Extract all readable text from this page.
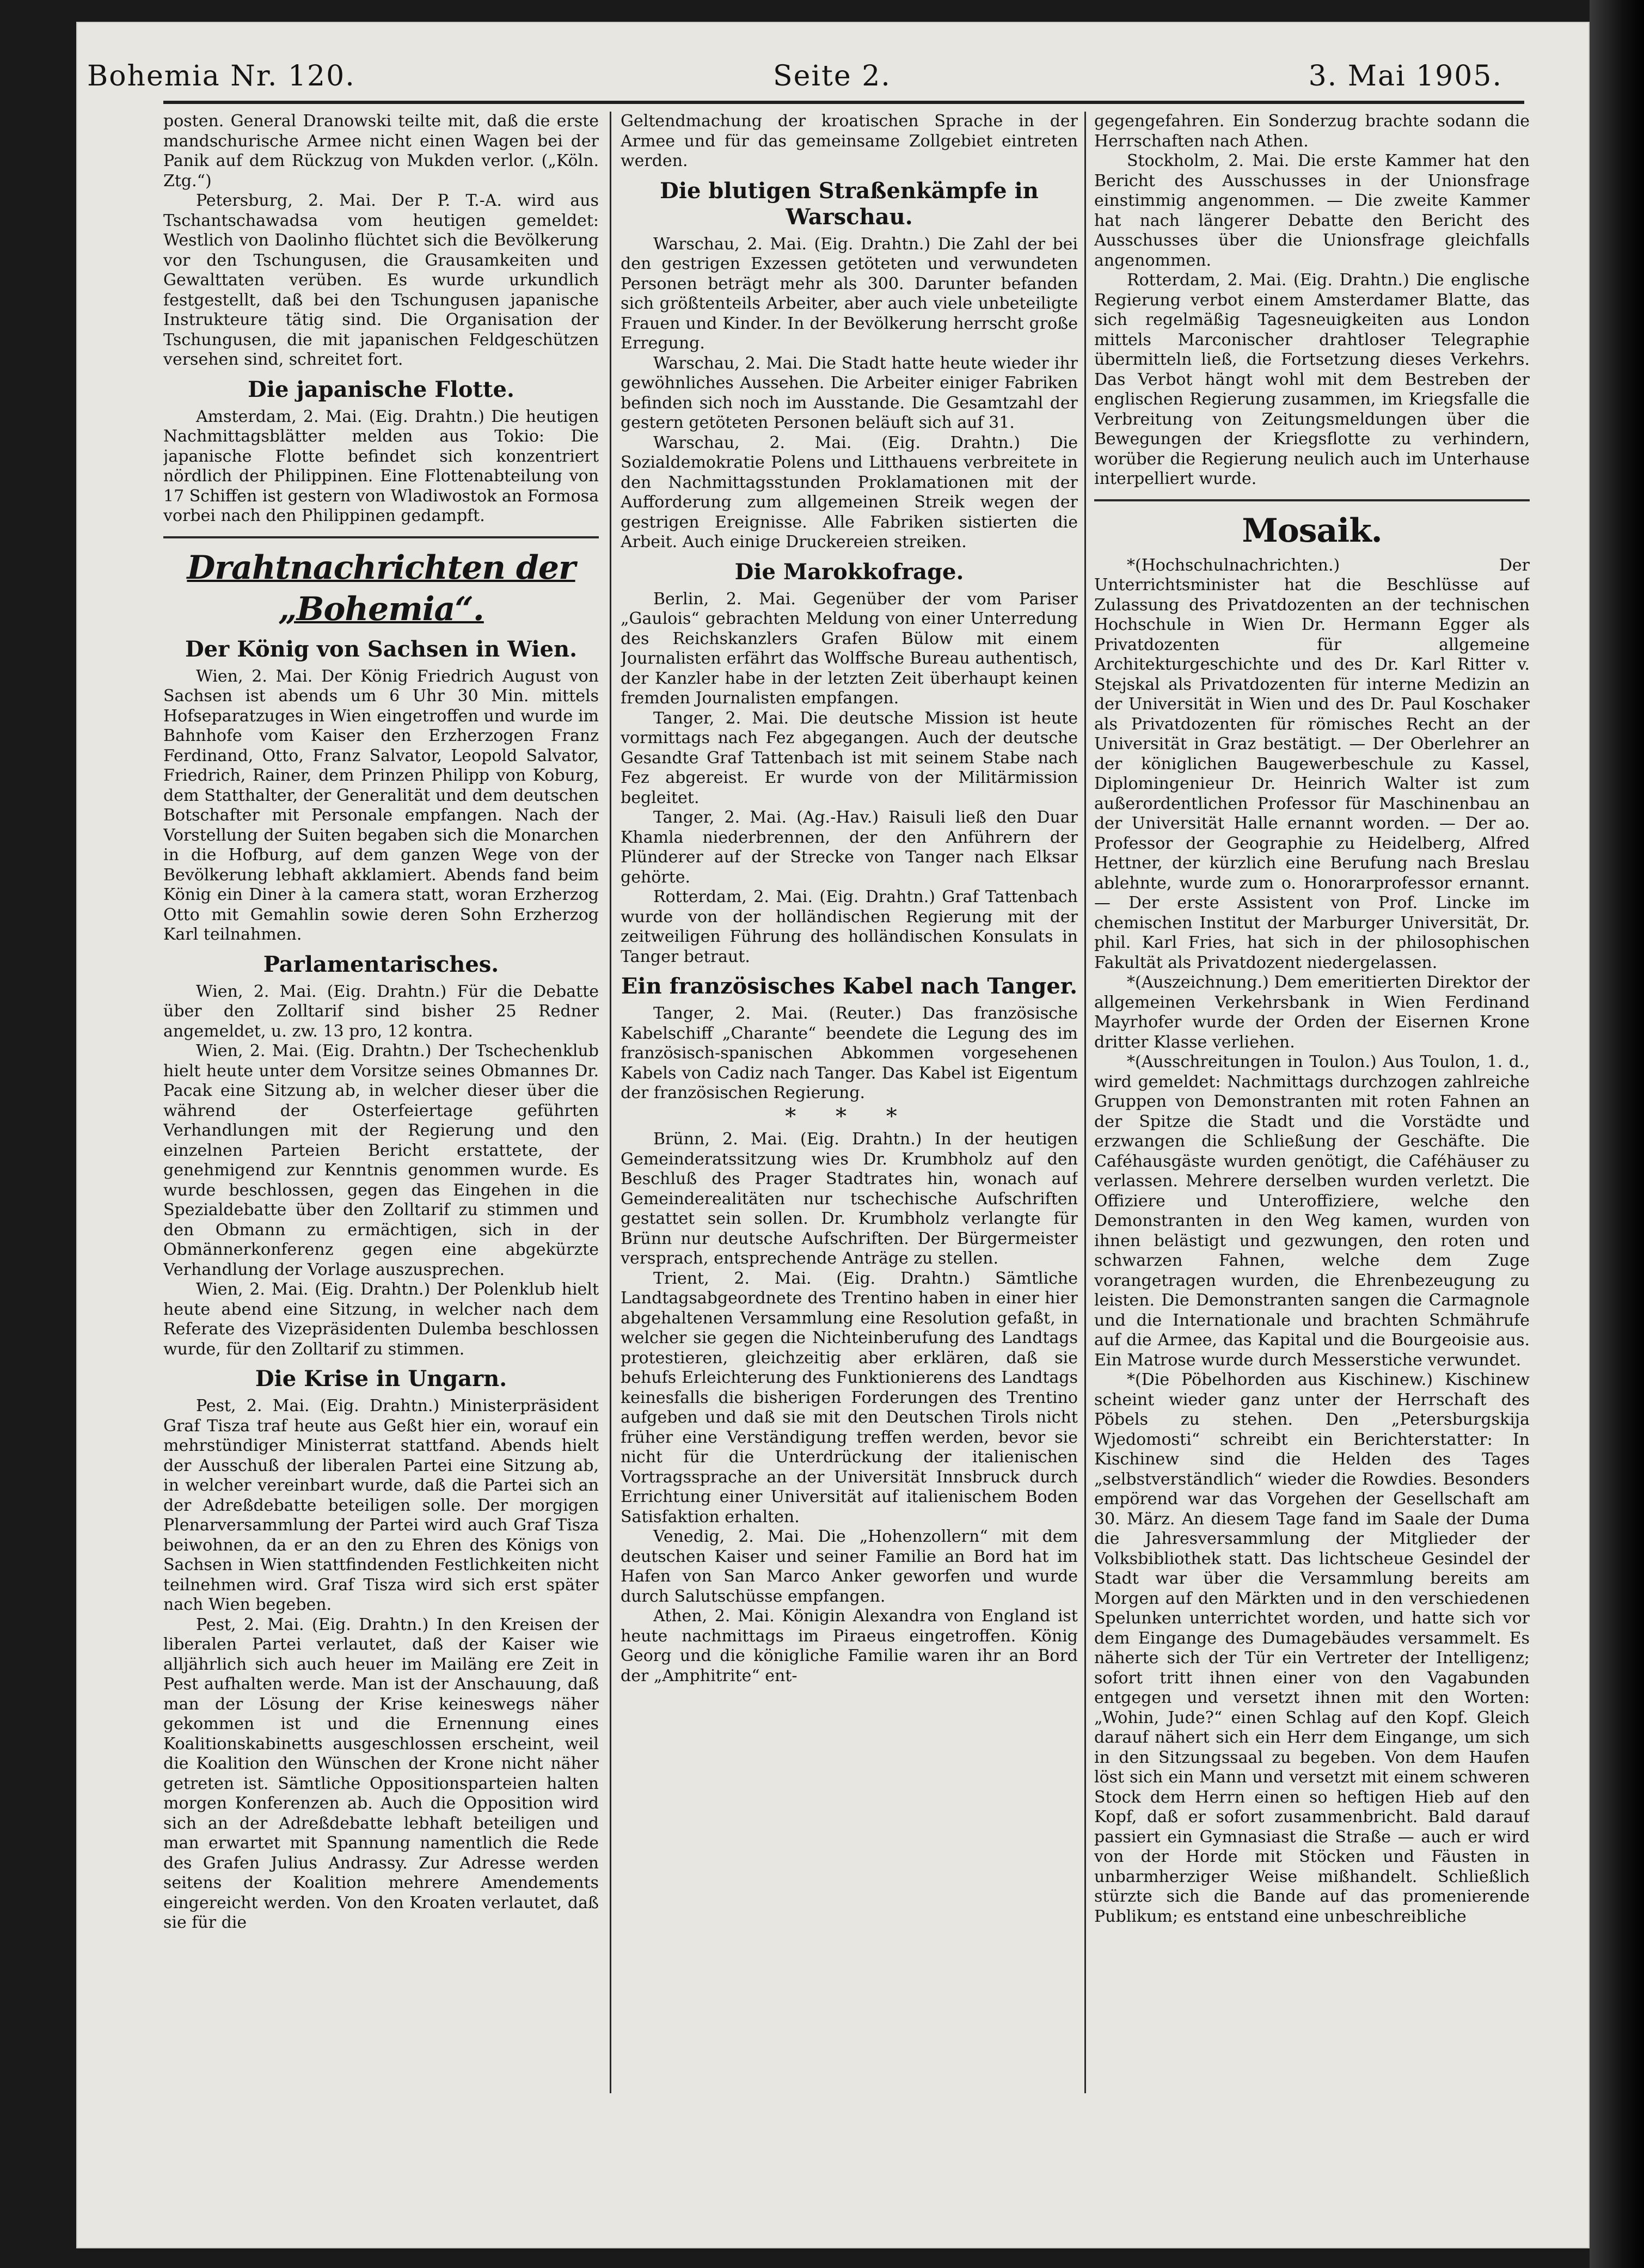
Bohemia Nr. 120.	Seite 2.	3. Mai 1905.

posten. General Dranowski teilte mit, daß die erste mandschurische Armee nicht einen Wagen bei der Panik auf dem Rückzug von Mukden verlor. („Köln. Ztg.“)

Petersburg, 2. Mai. Der P. T.-A. wird aus Tschantschawadsa vom heutigen gemeldet: Westlich von Daolinho flüchtet sich die Bevölkerung vor den Tschungusen, die Grausamkeiten und Gewalttaten verüben. Es wurde urkundlich festgestellt, daß bei den Tschungusen japanische Instrukteure tätig sind. Die Organisation der Tschungusen, die mit japanischen Feldgeschützen versehen sind, schreitet fort.

Die japanische Flotte.

Amsterdam, 2. Mai. (Eig. Drahtn.) Die heutigen Nachmittagsblätter melden aus Tokio: Die japanische Flotte befindet sich konzentriert nördlich der Philippinen. Eine Flottenabteilung von 17 Schiffen ist gestern von Wladiwostok an Formosa vorbei nach den Philippinen gedampft.

Drahtnachrichten der „Bohemia“.
Der König von Sachsen in Wien.

Wien, 2. Mai. Der König Friedrich August von Sachsen ist abends um 6 Uhr 30 Min. mittels Hofseparatzuges in Wien eingetroffen und wurde im Bahnhofe vom Kaiser den Erzherzogen Franz Ferdinand, Otto, Franz Salvator, Leopold Salvator, Friedrich, Rainer, dem Prinzen Philipp von Koburg, dem Statthalter, der Generalität und dem deutschen Botschafter mit Personale empfangen. Nach der Vorstellung der Suiten begaben sich die Monarchen in die Hofburg, auf dem ganzen Wege von der Bevölkerung lebhaft akklamiert. Abends fand beim König ein Diner à la camera statt, woran Erzherzog Otto mit Gemahlin sowie deren Sohn Erzherzog Karl teilnahmen.

Parlamentarisches.

Wien, 2. Mai. (Eig. Drahtn.) Für die Debatte über den Zolltarif sind bisher 25 Redner angemeldet, u. zw. 13 pro, 12 kontra.

Wien, 2. Mai. (Eig. Drahtn.) Der Tschechenklub hielt heute unter dem Vorsitze seines Obmannes Dr. Pacak eine Sitzung ab, in welcher dieser über die während der Osterfeiertage geführten Verhandlungen mit der Regierung und den einzelnen Parteien Bericht erstattete, der genehmigend zur Kenntnis genommen wurde. Es wurde beschlossen, gegen das Eingehen in die Spezialdebatte über den Zolltarif zu stimmen und den Obmann zu ermächtigen, sich in der Obmännerkonferenz gegen eine abgekürzte Verhandlung der Vorlage auszusprechen.

Wien, 2. Mai. (Eig. Drahtn.) Der Polenklub hielt heute abend eine Sitzung, in welcher nach dem Referate des Vizepräsidenten Dulemba beschlossen wurde, für den Zolltarif zu stimmen.

Die Krise in Ungarn.

Pest, 2. Mai. (Eig. Drahtn.) Ministerpräsident Graf Tisza traf heute aus Geßt hier ein, worauf ein mehrstündiger Ministerrat stattfand. Abends hielt der Ausschuß der liberalen Partei eine Sitzung ab, in welcher vereinbart wurde, daß die Partei sich an der Adreßdebatte beteiligen solle. Der morgigen Plenarversammlung der Partei wird auch Graf Tisza beiwohnen, da er an den zu Ehren des Königs von Sachsen in Wien stattfindenden Festlichkeiten nicht teilnehmen wird. Graf Tisza wird sich erst später nach Wien begeben.

Pest, 2. Mai. (Eig. Drahtn.) In den Kreisen der liberalen Partei verlautet, daß der Kaiser wie alljährlich sich auch heuer im Mailäng ere Zeit in Pest aufhalten werde. Man ist der Anschauung, daß man der Lösung der Krise keineswegs näher gekommen ist und die Ernennung eines Koalitionskabinetts ausgeschlossen erscheint, weil die Koalition den Wünschen der Krone nicht näher getreten ist. Sämtliche Oppositionsparteien halten morgen Konferenzen ab. Auch die Opposition wird sich an der Adreßdebatte lebhaft beteiligen und man erwartet mit Spannung namentlich die Rede des Grafen Julius Andrassy. Zur Adresse werden seitens der Koalition mehrere Amendements eingereicht werden. Von den Kroaten verlautet, daß sie für die

Geltendmachung der kroatischen Sprache in der Armee und für das gemeinsame Zollgebiet eintreten werden.

Die blutigen Straßenkämpfe in Warschau.

Warschau, 2. Mai. (Eig. Drahtn.) Die Zahl der bei den gestrigen Exzessen getöteten und verwundeten Personen beträgt mehr als 300. Darunter befanden sich größtenteils Arbeiter, aber auch viele unbeteiligte Frauen und Kinder. In der Bevölkerung herrscht große Erregung.

Warschau, 2. Mai. Die Stadt hatte heute wieder ihr gewöhnliches Aussehen. Die Arbeiter einiger Fabriken befinden sich noch im Ausstande. Die Gesamtzahl der gestern getöteten Personen beläuft sich auf 31.

Warschau, 2. Mai. (Eig. Drahtn.) Die Sozialdemokratie Polens und Litthauens verbreitete in den Nachmittagsstunden Proklamationen mit der Aufforderung zum allgemeinen Streik wegen der gestrigen Ereignisse. Alle Fabriken sistierten die Arbeit. Auch einige Druckereien streiken.

Die Marokkofrage.

Berlin, 2. Mai. Gegenüber der vom Pariser „Gaulois“ gebrachten Meldung von einer Unterredung des Reichskanzlers Grafen Bülow mit einem Journalisten erfährt das Wolffsche Bureau authentisch, der Kanzler habe in der letzten Zeit überhaupt keinen fremden Journalisten empfangen.

Tanger, 2. Mai. Die deutsche Mission ist heute vormittags nach Fez abgegangen. Auch der deutsche Gesandte Graf Tattenbach ist mit seinem Stabe nach Fez abgereist. Er wurde von der Militärmission begleitet.

Tanger, 2. Mai. (Ag.-Hav.) Raisuli ließ den Duar Khamla niederbrennen, der den Anführern der Plünderer auf der Strecke von Tanger nach Elksar gehörte.

Rotterdam, 2. Mai. (Eig. Drahtn.) Graf Tattenbach wurde von der holländischen Regierung mit der zeitweiligen Führung des holländischen Konsulats in Tanger betraut.

Ein französisches Kabel nach Tanger.

Tanger, 2. Mai. (Reuter.) Das französische Kabelschiff „Charante“ beendete die Legung des im französisch-spanischen Abkommen vorgesehenen Kabels von Cadiz nach Tanger. Das Kabel ist Eigentum der französischen Regierung.

* * *

Brünn, 2. Mai. (Eig. Drahtn.) In der heutigen Gemeinderatssitzung wies Dr. Krumbholz auf den Beschluß des Prager Stadtrates hin, wonach auf Gemeinderealitäten nur tschechische Aufschriften gestattet sein sollen. Dr. Krumbholz verlangte für Brünn nur deutsche Aufschriften. Der Bürgermeister versprach, entsprechende Anträge zu stellen.

Trient, 2. Mai. (Eig. Drahtn.) Sämtliche Landtagsabgeordnete des Trentino haben in einer hier abgehaltenen Versammlung eine Resolution gefaßt, in welcher sie gegen die Nichteinberufung des Landtags protestieren, gleichzeitig aber erklären, daß sie behufs Erleichterung des Funktionierens des Landtags keinesfalls die bisherigen Forderungen des Trentino aufgeben und daß sie mit den Deutschen Tirols nicht früher eine Verständigung treffen werden, bevor sie nicht für die Unterdrückung der italienischen Vortragssprache an der Universität Innsbruck durch Errichtung einer Universität auf italienischem Boden Satisfaktion erhalten.

Venedig, 2. Mai. Die „Hohenzollern“ mit dem deutschen Kaiser und seiner Familie an Bord hat im Hafen von San Marco Anker geworfen und wurde durch Salutschüsse empfangen.

Athen, 2. Mai. Königin Alexandra von England ist heute nachmittags im Piraeus eingetroffen. König Georg und die königliche Familie waren ihr an Bord der „Amphitrite“ ent-

gegengefahren. Ein Sonderzug brachte sodann die Herrschaften nach Athen.

Stockholm, 2. Mai. Die erste Kammer hat den Bericht des Ausschusses in der Unionsfrage einstimmig angenommen. — Die zweite Kammer hat nach längerer Debatte den Bericht des Ausschusses über die Unionsfrage gleichfalls angenommen.

Rotterdam, 2. Mai. (Eig. Drahtn.) Die englische Regierung verbot einem Amsterdamer Blatte, das sich regelmäßig Tagesneuigkeiten aus London mittels Marconischer drahtloser Telegraphie übermitteln ließ, die Fortsetzung dieses Verkehrs. Das Verbot hängt wohl mit dem Bestreben der englischen Regierung zusammen, im Kriegsfalle die Verbreitung von Zeitungsmeldungen über die Bewegungen der Kriegsflotte zu verhindern, worüber die Regierung neulich auch im Unterhause interpelliert wurde.

Mosaik.

*(Hochschulnachrichten.) Der Unterrichtsminister hat die Beschlüsse auf Zulassung des Privatdozenten an der technischen Hochschule in Wien Dr. Hermann Egger als Privatdozenten für allgemeine Architekturgeschichte und des Dr. Karl Ritter v. Stejskal als Privatdozenten für interne Medizin an der Universität in Wien und des Dr. Paul Koschaker als Privatdozenten für römisches Recht an der Universität in Graz bestätigt. — Der Oberlehrer an der königlichen Baugewerbeschule zu Kassel, Diplomingenieur Dr. Heinrich Walter ist zum außerordentlichen Professor für Maschinenbau an der Universität Halle ernannt worden. — Der ao. Professor der Geographie zu Heidelberg, Alfred Hettner, der kürzlich eine Berufung nach Breslau ablehnte, wurde zum o. Honorarprofessor ernannt. — Der erste Assistent von Prof. Lincke im chemischen Institut der Marburger Universität, Dr. phil. Karl Fries, hat sich in der philosophischen Fakultät als Privatdozent niedergelassen.

*(Auszeichnung.) Dem emeritierten Direktor der allgemeinen Verkehrsbank in Wien Ferdinand Mayrhofer wurde der Orden der Eisernen Krone dritter Klasse verliehen.

*(Ausschreitungen in Toulon.) Aus Toulon, 1. d., wird gemeldet: Nachmittags durchzogen zahlreiche Gruppen von Demonstranten mit roten Fahnen an der Spitze die Stadt und die Vorstädte und erzwangen die Schließung der Geschäfte. Die Caféhausgäste wurden genötigt, die Caféhäuser zu verlassen. Mehrere derselben wurden verletzt. Die Offiziere und Unteroffiziere, welche den Demonstranten in den Weg kamen, wurden von ihnen belästigt und gezwungen, den roten und schwarzen Fahnen, welche dem Zuge vorangetragen wurden, die Ehrenbezeugung zu leisten. Die Demonstranten sangen die Carmagnole und die Internationale und brachten Schmährufe auf die Armee, das Kapital und die Bourgeoisie aus. Ein Matrose wurde durch Messerstiche verwundet.

*(Die Pöbelhorden aus Kischinew.) Kischinew scheint wieder ganz unter der Herrschaft des Pöbels zu stehen. Den „Petersburgskija Wjedomosti“ schreibt ein Berichterstatter: In Kischinew sind die Helden des Tages „selbstverständlich“ wieder die Rowdies. Besonders empörend war das Vorgehen der Gesellschaft am 30. März. An diesem Tage fand im Saale der Duma die Jahresversammlung der Mitglieder der Volksbibliothek statt. Das lichtscheue Gesindel der Stadt war über die Versammlung bereits am Morgen auf den Märkten und in den verschiedenen Spelunken unterrichtet worden, und hatte sich vor dem Eingange des Dumagebäudes versammelt. Es näherte sich der Tür ein Vertreter der Intelligenz; sofort tritt ihnen einer von den Vagabunden entgegen und versetzt ihnen mit den Worten: „Wohin, Jude?“ einen Schlag auf den Kopf. Gleich darauf nähert sich ein Herr dem Eingange, um sich in den Sitzungssaal zu begeben. Von dem Haufen löst sich ein Mann und versetzt mit einem schweren Stock dem Herrn einen so heftigen Hieb auf den Kopf, daß er sofort zusammenbricht. Bald darauf passiert ein Gymnasiast die Straße — auch er wird von der Horde mit Stöcken und Fäusten in unbarmherziger Weise mißhandelt. Schließlich stürzte sich die Bande auf das promenierende Publikum; es entstand eine unbeschreibliche
